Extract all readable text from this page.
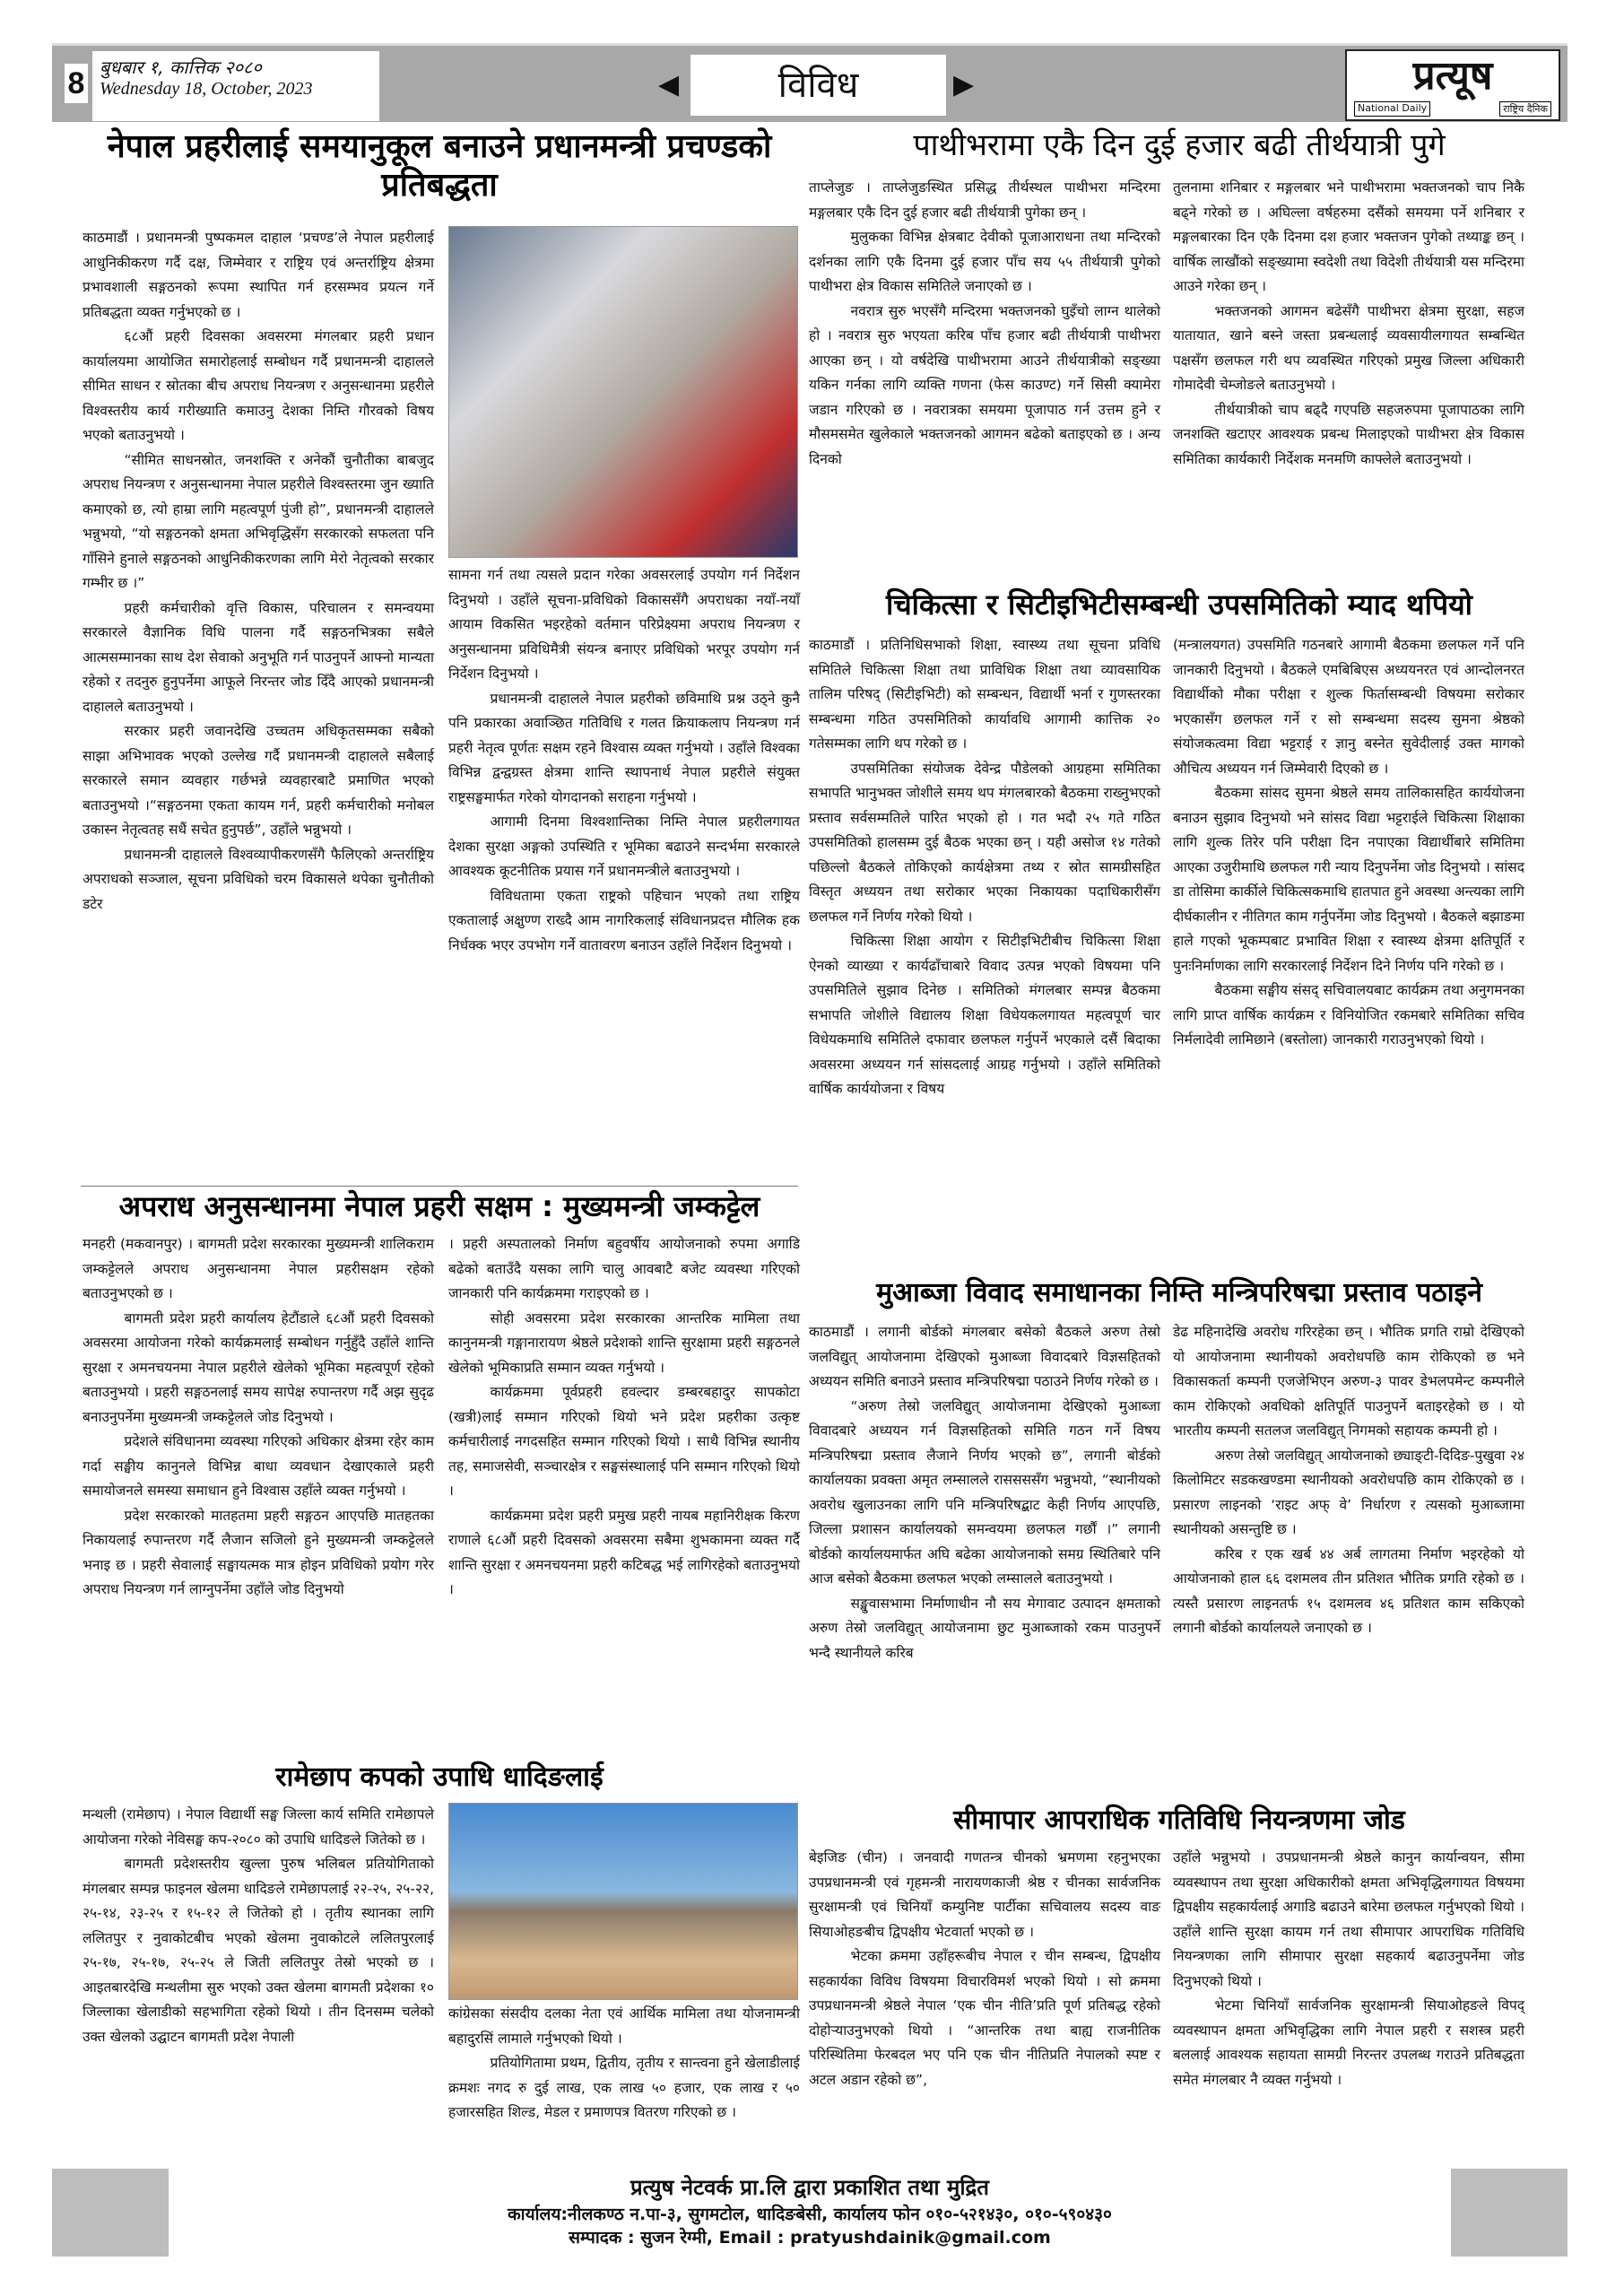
8 बुधबार १, कात्तिक २०८०
Wednesday 18, October, 2023	◀	विविध	▶	प्रत्यूष
National Daily	राष्ट्रिय दैनिक
नेपाल प्रहरीलाई समयानुकूल बनाउने प्रधानमन्त्री प्रचण्डको प्रतिबद्धता

काठमाडौं । प्रधानमन्त्री पुष्पकमल दाहाल ‘प्रचण्ड’ले नेपाल प्रहरीलाई आधुनिकीकरण गर्दै दक्ष, जिम्मेवार र राष्ट्रिय एवं अन्तर्राष्ट्रिय क्षेत्रमा प्रभावशाली सङ्गठनको रूपमा स्थापित गर्न हरसम्भव प्रयत्न गर्ने प्रतिबद्धता व्यक्त गर्नुभएको छ ।

६८औं प्रहरी दिवसका अवसरमा मंगलबार प्रहरी प्रधान कार्यालयमा आयोजित समारोहलाई सम्बोधन गर्दै प्रधानमन्त्री दाहालले सीमित साधन र स्रोतका बीच अपराध नियन्त्रण र अनुसन्धानमा प्रहरीले विश्वस्तरीय कार्य गरीख्याति कमाउनु देशका निम्ति गौरवको विषय भएको बताउनुभयो ।

“सीमित साधनस्रोत, जनशक्ति र अनेकौं चुनौतीका बाबजुद अपराध नियन्त्रण र अनुसन्धानमा नेपाल प्रहरीले विश्वस्तरमा जुन ख्याति कमाएको छ, त्यो हाम्रा लागि महत्वपूर्ण पुंजी हो”, प्रधानमन्त्री दाहालले भन्नुभयो, “यो सङ्गठनको क्षमता अभिवृद्धिसँग सरकारको सफलता पनि गाँसिने हुनाले सङ्गठनको आधुनिकीकरणका लागि मेरो नेतृत्वको सरकार गम्भीर छ ।”

प्रहरी कर्मचारीको वृत्ति विकास, परिचालन र समन्वयमा सरकारले वैज्ञानिक विधि पालना गर्दै सङ्गठनभित्रका सबैले आत्मसम्मानका साथ देश सेवाको अनुभूति गर्न पाउनुपर्ने आफ्नो मान्यता रहेको र तदनुरु हुनुपर्नेमा आफूले निरन्तर जोड दिँदै आएको प्रधानमन्त्री दाहालले बताउनुभयो ।

सरकार प्रहरी जवानदेखि उच्चतम अधिकृतसम्मका सबैको साझा अभिभावक भएको उल्लेख गर्दै प्रधानमन्त्री दाहालले सबैलाई सरकारले समान व्यवहार गर्छभन्ने व्यवहारबाटै प्रमाणित भएको बताउनुभयो ।“सङ्गठनमा एकता कायम गर्न, प्रहरी कर्मचारीको मनोबल उकास्न नेतृत्वतह सधैं सचेत हुनुपर्छ”, उहाँले भन्नुभयो ।

प्रधानमन्त्री दाहालले विश्वव्यापीकरणसँगै फैलिएको अन्तर्राष्ट्रिय अपराधको सञ्जाल, सूचना प्रविधिको चरम विकासले थपेका चुनौतीको डटेर

सामना गर्न तथा त्यसले प्रदान गरेका अवसरलाई उपयोग गर्न निर्देशन दिनुभयो । उहाँले सूचना-प्रविधिको विकाससँगै अपराधका नयाँ-नयाँ आयाम विकसित भइरहेको वर्तमान परिप्रेक्ष्यमा अपराध नियन्त्रण र अनुसन्धानमा प्रविधिमैत्री संयन्त्र बनाएर प्रविधिको भरपूर उपयोग गर्न निर्देशन दिनुभयो ।

प्रधानमन्त्री दाहालले नेपाल प्रहरीको छविमाथि प्रश्न उठ्ने कुनै पनि प्रकारका अवाञ्छित गतिविधि र गलत क्रियाकलाप नियन्त्रण गर्न प्रहरी नेतृत्व पूर्णतः सक्षम रहने विश्वास व्यक्त गर्नुभयो । उहाँले विश्वका विभिन्न द्वन्द्वग्रस्त क्षेत्रमा शान्ति स्थापनार्थ नेपाल प्रहरीले संयुक्त राष्ट्रसङ्घमार्फत गरेको योगदानको सराहना गर्नुभयो ।

आगामी दिनमा विश्वशान्तिका निम्ति नेपाल प्रहरीलगायत देशका सुरक्षा अङ्गको उपस्थिति र भूमिका बढाउने सन्दर्भमा सरकारले आवश्यक कूटनीतिक प्रयास गर्ने प्रधानमन्त्रीले बताउनुभयो ।

विविधतामा एकता राष्ट्रको पहिचान भएको तथा राष्ट्रिय एकतालाई अक्षुण्ण राख्दै आम नागरिकलाई संविधानप्रदत्त मौलिक हक निर्धक्क भएर उपभोग गर्ने वातावरण बनाउन उहाँले निर्देशन दिनुभयो ।

पाथीभरामा एकै दिन दुई हजार बढी तीर्थयात्री पुगे

ताप्लेजुङ । ताप्लेजुङस्थित प्रसिद्ध तीर्थस्थल पाथीभरा मन्दिरमा मङ्गलबार एकै दिन दुई हजार बढी तीर्थयात्री पुगेका छन् ।

मुलुकका विभिन्न क्षेत्रबाट देवीको पूजाआराधना तथा मन्दिरको दर्शनका लागि एकै दिनमा दुई हजार पाँच सय ५५ तीर्थयात्री पुगेको पाथीभरा क्षेत्र विकास समितिले जनाएको छ ।

नवरात्र सुरु भएसँगै मन्दिरमा भक्तजनको घुइँचो लाग्न थालेको हो । नवरात्र सुरु भएयता करिब पाँच हजार बढी तीर्थयात्री पाथीभरा आएका छन् । यो वर्षदेखि पाथीभरामा आउने तीर्थयात्रीको सङ्ख्या यकिन गर्नका लागि व्यक्ति गणना (फेस काउण्ट) गर्ने सिसी क्यामेरा जडान गरिएको छ । नवरात्रका समयमा पूजापाठ गर्न उत्तम हुने र मौसमसमेत खुलेकाले भक्तजनको आगमन बढेको बताइएको छ । अन्य दिनको

तुलनामा शनिबार र मङ्गलबार भने पाथीभरामा भक्तजनको चाप निकै बढ्ने गरेको छ । अघिल्ला वर्षहरुमा दसैंको समयमा पर्ने शनिबार र मङ्गलबारका दिन एकै दिनमा दश हजार भक्तजन पुगेको तथ्याङ्क छन् । वार्षिक लाखौंको सङ्ख्यामा स्वदेशी तथा विदेशी तीर्थयात्री यस मन्दिरमा आउने गरेका छन् ।

भक्तजनको आगमन बढेसँगै पाथीभरा क्षेत्रमा सुरक्षा, सहज यातायात, खाने बस्ने जस्ता प्रबन्धलाई व्यवसायीलगायत सम्बन्धित पक्षसँग छलफल गरी थप व्यवस्थित गरिएको प्रमुख जिल्ला अधिकारी गोमादेवी चेम्जोङले बताउनुभयो ।

तीर्थयात्रीको चाप बढ्दै गएपछि सहजरुपमा पूजापाठका लागि जनशक्ति खटाएर आवश्यक प्रबन्ध मिलाइएको पाथीभरा क्षेत्र विकास समितिका कार्यकारी निर्देशक मनमणि काफ्लेले बताउनुभयो ।

चिकित्सा र सिटीइभिटीसम्बन्धी उपसमितिको म्याद थपियो

काठमाडौं । प्रतिनिधिसभाको शिक्षा, स्वास्थ्य तथा सूचना प्रविधि समितिले चिकित्सा शिक्षा तथा प्राविधिक शिक्षा तथा व्यावसायिक तालिम परिषद् (सिटीइभिटी) को सम्बन्धन, विद्यार्थी भर्ना र गुणस्तरका सम्बन्धमा गठित उपसमितिको कार्यावधि आगामी कात्तिक २० गतेसम्मका लागि थप गरेको छ ।

उपसमितिका संयोजक देवेन्द्र पौडेलको आग्रहमा समितिका सभापति भानुभक्त जोशीले समय थप मंगलबारको बैठकमा राख्नुभएको प्रस्ताव सर्वसम्मतिले पारित भएको हो । गत भदौ २५ गते गठित उपसमितिको हालसम्म दुई बैठक भएका छन् । यही असोज १४ गतेको पछिल्लो बैठकले तोकिएको कार्यक्षेत्रमा तथ्य र स्रोत सामग्रीसहित विस्तृत अध्ययन तथा सरोकार भएका निकायका पदाधिकारीसँग छलफल गर्ने निर्णय गरेको थियो ।

चिकित्सा शिक्षा आयोग र सिटीइभिटीबीच चिकित्सा शिक्षा ऐनको व्याख्या र कार्यढाँचाबारे विवाद उत्पन्न भएको विषयमा पनि उपसमितिले सुझाव दिनेछ । समितिको मंगलबार सम्पन्न बैठकमा सभापति जोशीले विद्यालय शिक्षा विधेयकलगायत महत्वपूर्ण चार विधेयकमाथि समितिले दफावार छलफल गर्नुपर्ने भएकाले दसैं बिदाका अवसरमा अध्ययन गर्न सांसदलाई आग्रह गर्नुभयो । उहाँले समितिको वार्षिक कार्ययोजना र विषय

(मन्त्रालयगत) उपसमिति गठनबारे आगामी बैठकमा छलफल गर्ने पनि जानकारी दिनुभयो । बैठकले एमबिबिएस अध्ययनरत एवं आन्दोलनरत विद्यार्थीको मौका परीक्षा र शुल्क फिर्तासम्बन्धी विषयमा सरोकार भएकासँग छलफल गर्ने र सो सम्बन्धमा सदस्य सुमना श्रेष्ठको संयोजकत्वमा विद्या भट्टराई र ज्ञानु बस्नेत सुवेदीलाई उक्त मागको औचित्य अध्ययन गर्न जिम्मेवारी दिएको छ ।

बैठकमा सांसद सुमना श्रेष्ठले समय तालिकासहित कार्ययोजना बनाउन सुझाव दिनुभयो भने सांसद विद्या भट्टराईले चिकित्सा शिक्षाका लागि शुल्क तिरेर पनि परीक्षा दिन नपाएका विद्यार्थीबारे समितिमा आएका उजुरीमाथि छलफल गरी न्याय दिनुपर्नेमा जोड दिनुभयो । सांसद डा तोसिमा कार्कीले चिकित्सकमाथि हातपात हुने अवस्था अन्त्यका लागि दीर्घकालीन र नीतिगत काम गर्नुपर्नेमा जोड दिनुभयो । बैठकले बझाङमा हाले गएको भूकम्पबाट प्रभावित शिक्षा र स्वास्थ्य क्षेत्रमा क्षतिपूर्ति र पुनःनिर्माणका लागि सरकारलाई निर्देशन दिने निर्णय पनि गरेको छ ।

बैठकमा सङ्घीय संसद् सचिवालयबाट कार्यक्रम तथा अनुगमनका लागि प्राप्त वार्षिक कार्यक्रम र विनियोजित रकमबारे समितिका सचिव निर्मलादेवी लामिछाने (बस्तोला) जानकारी गराउनुभएको थियो ।

अपराध अनुसन्धानमा नेपाल प्रहरी सक्षम : मुख्यमन्त्री जम्कट्टेल

मनहरी (मकवानपुर) । बागमती प्रदेश सरकारका मुख्यमन्त्री शालिकराम जम्कट्टेलले अपराध अनुसन्धानमा नेपाल प्रहरीसक्षम रहेको बताउनुभएको छ ।

बागमती प्रदेश प्रहरी कार्यालय हेटौंडाले ६८औं प्रहरी दिवसको अवसरमा आयोजना गरेको कार्यक्रमलाई सम्बोधन गर्नुहुँदै उहाँले शान्ति सुरक्षा र अमनचयनमा नेपाल प्रहरीले खेलेको भूमिका महत्वपूर्ण रहेको बताउनुभयो । प्रहरी सङ्गठनलाई समय सापेक्ष रुपान्तरण गर्दै अझ सुदृढ बनाउनुपर्नेमा मुख्यमन्त्री जम्कट्टेलले जोड दिनुभयो ।

प्रदेशले संविधानमा व्यवस्था गरिएको अधिकार क्षेत्रमा रहेर काम गर्दा सङ्घीय कानुनले विभिन्न बाधा व्यवधान देखाएकाले प्रहरी समायोजनले समस्या समाधान हुने विश्वास उहाँले व्यक्त गर्नुभयो ।

प्रदेश सरकारको मातहतमा प्रहरी सङ्गठन आएपछि मातहतका निकायलाई रुपान्तरण गर्दै लैजान सजिलो हुने मुख्यमन्त्री जम्कट्टेलले भनाइ छ । प्रहरी सेवालाई सङ्घायत्मक मात्र होइन प्रविधिको प्रयोग गरेर अपराध नियन्त्रण गर्न लाग्नुपर्नेमा उहाँले जोड दिनुभयो

। प्रहरी अस्पतालको निर्माण बहुवर्षीय आयोजनाको रुपमा अगाडि बढेको बताउँदै यसका लागि चालु आवबाटै बजेट व्यवस्था गरिएको जानकारी पनि कार्यक्रममा गराइएको छ ।

सोही अवसरमा प्रदेश सरकारका आन्तरिक मामिला तथा कानुनमन्त्री गङ्गानारायण श्रेष्ठले प्रदेशको शान्ति सुरक्षामा प्रहरी सङ्गठनले खेलेको भूमिकाप्रति सम्मान व्यक्त गर्नुभयो ।

कार्यक्रममा पूर्वप्रहरी हवल्दार डम्बरबहादुर सापकोटा (खत्री)लाई सम्मान गरिएको थियो भने प्रदेश प्रहरीका उत्कृष्ट कर्मचारीलाई नगदसहित सम्मान गरिएको थियो । साथै विभिन्न स्थानीय तह, समाजसेवी, सञ्चारक्षेत्र र सङ्घसंस्थालाई पनि सम्मान गरिएको थियो ।

कार्यक्रममा प्रदेश प्रहरी प्रमुख प्रहरी नायब महानिरीक्षक किरण राणाले ६८औं प्रहरी दिवसको अवसरमा सबैमा शुभकामना व्यक्त गर्दै शान्ति सुरक्षा र अमनचयनमा प्रहरी कटिबद्ध भई लागिरहेको बताउनुभयो ।

मुआब्जा विवाद समाधानका निम्ति मन्त्रिपरिषद्मा प्रस्ताव पठाइने

काठमाडौं । लगानी बोर्डको मंगलबार बसेको बैठकले अरुण तेस्रो जलविद्युत् आयोजनामा देखिएको मुआब्जा विवादबारे विज्ञसहितको अध्ययन समिति बनाउने प्रस्ताव मन्त्रिपरिषद्मा पठाउने निर्णय गरेको छ ।

“अरुण तेस्रो जलविद्युत् आयोजनामा देखिएको मुआब्जा विवादबारे अध्ययन गर्न विज्ञसहितको समिति गठन गर्ने विषय मन्त्रिपरिषद्मा प्रस्ताव लैजाने निर्णय भएको छ”, लगानी बोर्डको कार्यालयका प्रवक्ता अमृत लम्सालले राससससँग भन्नुभयो, “स्थानीयको अवरोध खुलाउनका लागि पनि मन्त्रिपरिषद्बाट केही निर्णय आएपछि, जिल्ला प्रशासन कार्यालयको समन्वयमा छलफल गर्छौं ।” लगानी बोर्डको कार्यालयमार्फत अघि बढेका आयोजनाको समग्र स्थितिबारे पनि आज बसेको बैठकमा छलफल भएको लम्सालले बताउनुभयो ।

सङ्खुवासभामा निर्माणाधीन नौ सय मेगावाट उत्पादन क्षमताको अरुण तेस्रो जलविद्युत् आयोजनामा छुट मुआब्जाको रकम पाउनुपर्ने भन्दै स्थानीयले करिब

डेढ महिनादेखि अवरोध गरिरहेका छन् । भौतिक प्रगति राम्रो देखिएको यो आयोजनामा स्थानीयको अवरोधपछि काम रोकिएको छ भने विकासकर्ता कम्पनी एजजेभिएन अरुण-३ पावर डेभलपमेन्ट कम्पनीले काम रोकिएको अवधिको क्षतिपूर्ति पाउनुपर्ने बताइरहेको छ । यो भारतीय कम्पनी सतलज जलविद्युत् निगमको सहायक कम्पनी हो ।

अरुण तेस्रो जलविद्युत् आयोजनाको छ्याङ्टी-दिदिङ-पुखुवा २४ किलोमिटर सडकखण्डमा स्थानीयको अवरोधपछि काम रोकिएको छ । प्रसारण लाइनको ‘राइट अफ् वे’ निर्धारण र त्यसको मुआब्जामा स्थानीयको असन्तुष्टि छ ।

करिब र एक खर्ब ४४ अर्ब लागतमा निर्माण भइरहेको यो आयोजनाको हाल ६६ दशमलव तीन प्रतिशत भौतिक प्रगति रहेको छ । त्यस्तै प्रसारण लाइनतर्फ १५ दशमलव ४६ प्रतिशत काम सकिएको लगानी बोर्डको कार्यालयले जनाएको छ ।

रामेछाप कपको उपाधि धादिङलाई

मन्थली (रामेछाप) । नेपाल विद्यार्थी सङ्घ जिल्ला कार्य समिति रामेछापले आयोजना गरेको नेविसङ्घ कप-२०८० को उपाधि धादिङले जितेको छ ।

बागमती प्रदेशस्तरीय खुल्ला पुरुष भलिबल प्रतियोगिताको मंगलबार सम्पन्न फाइनल खेलमा धादिङले रामेछापलाई २२-२५, २५-२२, २५-१४, २३-२५ र १५-१२ ले जितेको हो । तृतीय स्थानका लागि ललितपुर र नुवाकोटबीच भएको खेलमा नुवाकोटले ललितपुरलाई २५-१७, २५-१७, २५-२५ ले जिती ललितपुर तेस्रो भएको छ । आइतबारदेखि मन्थलीमा सुरु भएको उक्त खेलमा बागमती प्रदेशका १० जिल्लाका खेलाडीको सहभागिता रहेको थियो । तीन दिनसम्म चलेको उक्त खेलको उद्घाटन बागमती प्रदेश नेपाली

कांग्रेसका संसदीय दलका नेता एवं आर्थिक मामिला तथा योजनामन्त्री बहादुरसिं लामाले गर्नुभएको थियो ।

प्रतियोगितामा प्रथम, द्वितीय, तृतीय र सान्त्वना हुने खेलाडीलाई क्रमशः नगद रु दुई लाख, एक लाख ५० हजार, एक लाख र ५० हजारसहित शिल्ड, मेडल र प्रमाणपत्र वितरण गरिएको छ ।

सीमापार आपराधिक गतिविधि नियन्त्रणमा जोड

बेइजिङ (चीन) । जनवादी गणतन्त्र चीनको भ्रमणमा रहनुभएका उपप्रधानमन्त्री एवं गृहमन्त्री नारायणकाजी श्रेष्ठ र चीनका सार्वजनिक सुरक्षामन्त्री एवं चिनियाँ कम्युनिष्ट पार्टीका सचिवालय सदस्य वाङ सियाओहङबीच द्विपक्षीय भेटवार्ता भएको छ ।

भेटका क्रममा उहाँहरूबीच नेपाल र चीन सम्बन्ध, द्विपक्षीय सहकार्यका विविध विषयमा विचारविमर्श भएको थियो । सो क्रममा उपप्रधानमन्त्री श्रेष्ठले नेपाल ‘एक चीन नीति’प्रति पूर्ण प्रतिबद्ध रहेको दोहोऱ्याउनुभएको थियो । “आन्तरिक तथा बाह्य राजनीतिक परिस्थितिमा फेरबदल भए पनि एक चीन नीतिप्रति नेपालको स्पष्ट र अटल अडान रहेको छ”,

उहाँले भन्नुभयो । उपप्रधानमन्त्री श्रेष्ठले कानुन कार्यान्वयन, सीमा व्यवस्थापन तथा सुरक्षा अधिकारीको क्षमता अभिवृद्धिलगायत विषयमा द्विपक्षीय सहकार्यलाई अगाडि बढाउने बारेमा छलफल गर्नुभएको थियो । उहाँले शान्ति सुरक्षा कायम गर्न तथा सीमापार आपराधिक गतिविधि नियन्त्रणका लागि सीमापार सुरक्षा सहकार्य बढाउनुपर्नेमा जोड दिनुभएको थियो ।

भेटमा चिनियाँ सार्वजनिक सुरक्षामन्त्री सियाओहङले विपद् व्यवस्थापन क्षमता अभिवृद्धिका लागि नेपाल प्रहरी र सशस्त्र प्रहरी बललाई आवश्यक सहायता सामग्री निरन्तर उपलब्ध गराउने प्रतिबद्धता समेत मंगलबार नै व्यक्त गर्नुभयो ।

प्रत्युष नेटवर्क प्रा.लि द्वारा प्रकाशित तथा मुद्रित
कार्यालय:नीलकण्ठ न.पा-३, सुगमटोल, धादिङबेसी, कार्यालय फोन ०१०-५२१४३०, ०१०-५९०४३०
सम्पादक : सुजन रेग्मी, Email : pratyushdainik@gmail.com
